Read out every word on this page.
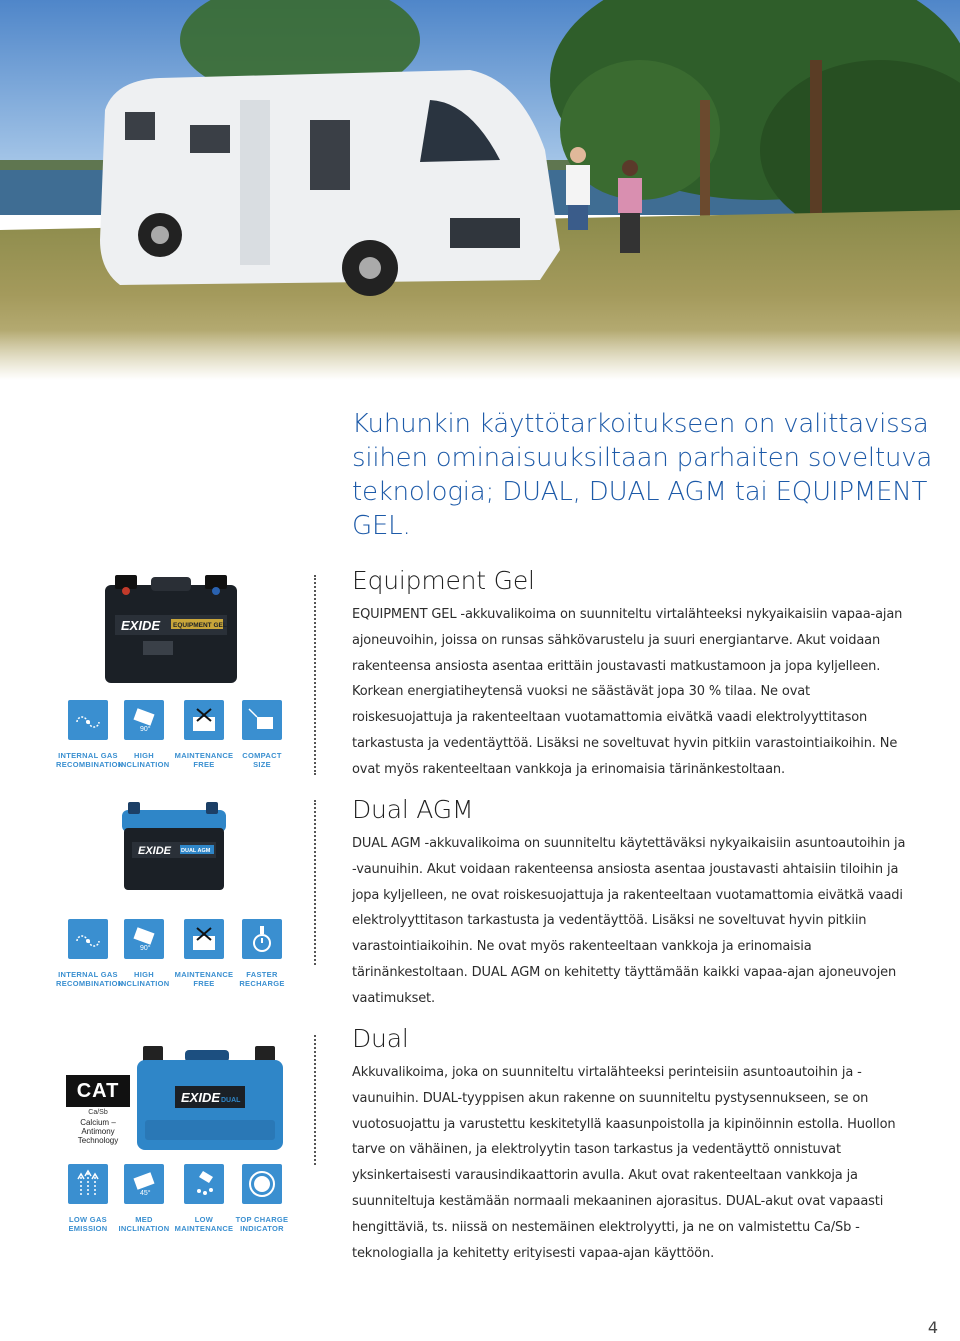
Kuhunkin käyttötarkoitukseen on valittavissa siihen ominaisuuksiltaan parhaiten soveltuva teknologia; DUAL, DUAL AGM tai EQUIPMENT GEL.
Equipment Gel

EQUIPMENT GEL -akkuvalikoima on suunniteltu virtalähteeksi nykyaikaisiin vapaa-ajan ajoneuvoihin, joissa on runsas sähkövarustelu ja suuri energiantarve. Akut voidaan rakenteensa ansiosta asentaa erittäin joustavasti matkustamoon ja jopa kyljelleen. Korkean energiatiheytensä vuoksi ne säästävät jopa 30 % tilaa. Ne ovat roiskesuojattuja ja rakenteeltaan vuotamattomia eivätkä vaadi elektrolyyttitason tarkastusta ja vedentäyttöä. Lisäksi ne soveltuvat hyvin pitkiin varastointiaikoihin. Ne ovat myös rakenteeltaan vankkoja ja erinomaisia tärinänkestoltaan.

Dual AGM

DUAL AGM -akkuvalikoima on suunniteltu käytettäväksi nykyaikaisiin asuntoautoihin ja -vaunuihin. Akut voidaan rakenteensa ansiosta asentaa joustavasti ahtaisiin tiloihin ja jopa kyljelleen, ne ovat roiskesuojattuja ja rakenteeltaan vuotamattomia eivätkä vaadi elektrolyyttitason tarkastusta ja vedentäyttöä. Lisäksi ne soveltuvat hyvin pitkiin varastointiaikoihin. Ne ovat myös rakenteeltaan vankkoja ja erinomaisia tärinänkestoltaan. DUAL AGM on kehitetty täyttämään kaikki vapaa-ajan ajoneuvojen vaatimukset.

Dual

Akkuvalikoima, joka on suunniteltu virtalähteeksi perinteisiin asuntoautoihin ja -vaunuihin. DUAL-tyyppisen akun rakenne on suunniteltu pystysennukseen, se on vuotosuojattu ja varustettu keskitetyllä kaasunpoistolla ja kipinöinnin estolla. Huollon tarve on vähäinen, ja elektrolyytin tason tarkastus ja vedentäyttö onnistuvat yksinkertaisesti varausindikaattorin avulla. Akut ovat rakenteeltaan vankkoja ja suunniteltuja kestämään normaali mekaaninen ajorasitus. DUAL-akut ovat vapaasti hengittäviä, ts. niissä on nestemäinen elektrolyytti, ja ne on valmistettu Ca/Sb -teknologialla ja kehitetty erityisesti vapaa-ajan käyttöön.

EXIDE EQUIPMENT GEL
EXIDE DUAL AGM
EXIDE DUAL
CAT
Ca/Sb
Calcium – Antimony Technology
INTERNAL GAS
RECOMBINATION
90°
HIGH
INCLINATION
MAINTENANCE
FREE
COMPACT
SIZE
INTERNAL GAS
RECOMBINATION
90°
HIGH
INCLINATION
MAINTENANCE
FREE
FASTER
RECHARGE
LOW GAS
EMISSION
45°
MED
INCLINATION
LOW
MAINTENANCE
TOP CHARGE
INDICATOR
4
